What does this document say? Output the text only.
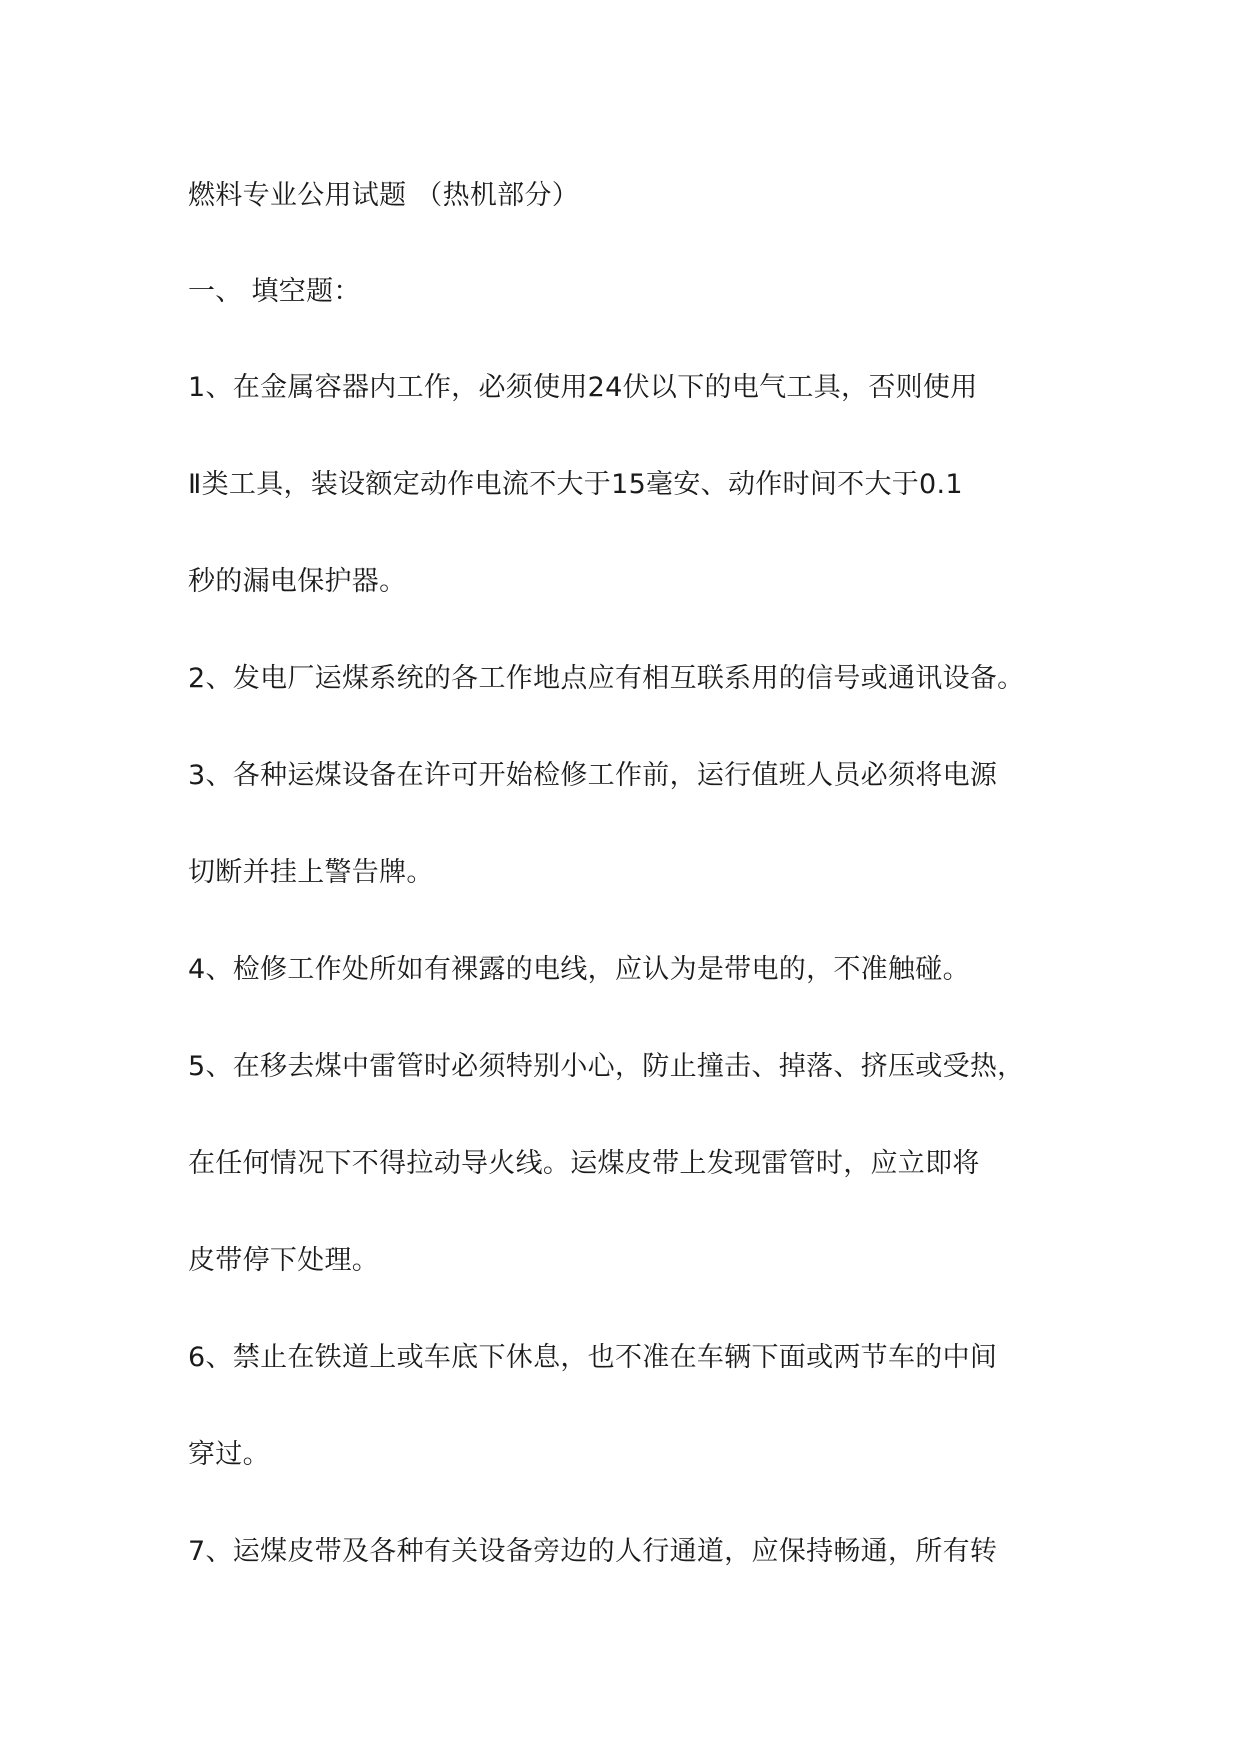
燃料专业公用试题 （热机部分）
一、 填空题：
1、在金属容器内工作，必须使用24伏以下的电气工具，否则使用
Ⅱ类工具，装设额定动作电流不大于15毫安、动作时间不大于0.1
秒的漏电保护器。
2、发电厂运煤系统的各工作地点应有相互联系用的信号或通讯设备。
3、各种运煤设备在许可开始检修工作前，运行值班人员必须将电源
切断并挂上警告牌。
4、检修工作处所如有裸露的电线，应认为是带电的，不准触碰。
5、在移去煤中雷管时必须特别小心，防止撞击、掉落、挤压或受热，
在任何情况下不得拉动导火线。运煤皮带上发现雷管时，应立即将
皮带停下处理。
6、禁止在铁道上或车底下休息，也不准在车辆下面或两节车的中间
穿过。
7、运煤皮带及各种有关设备旁边的人行通道，应保持畅通，所有转
